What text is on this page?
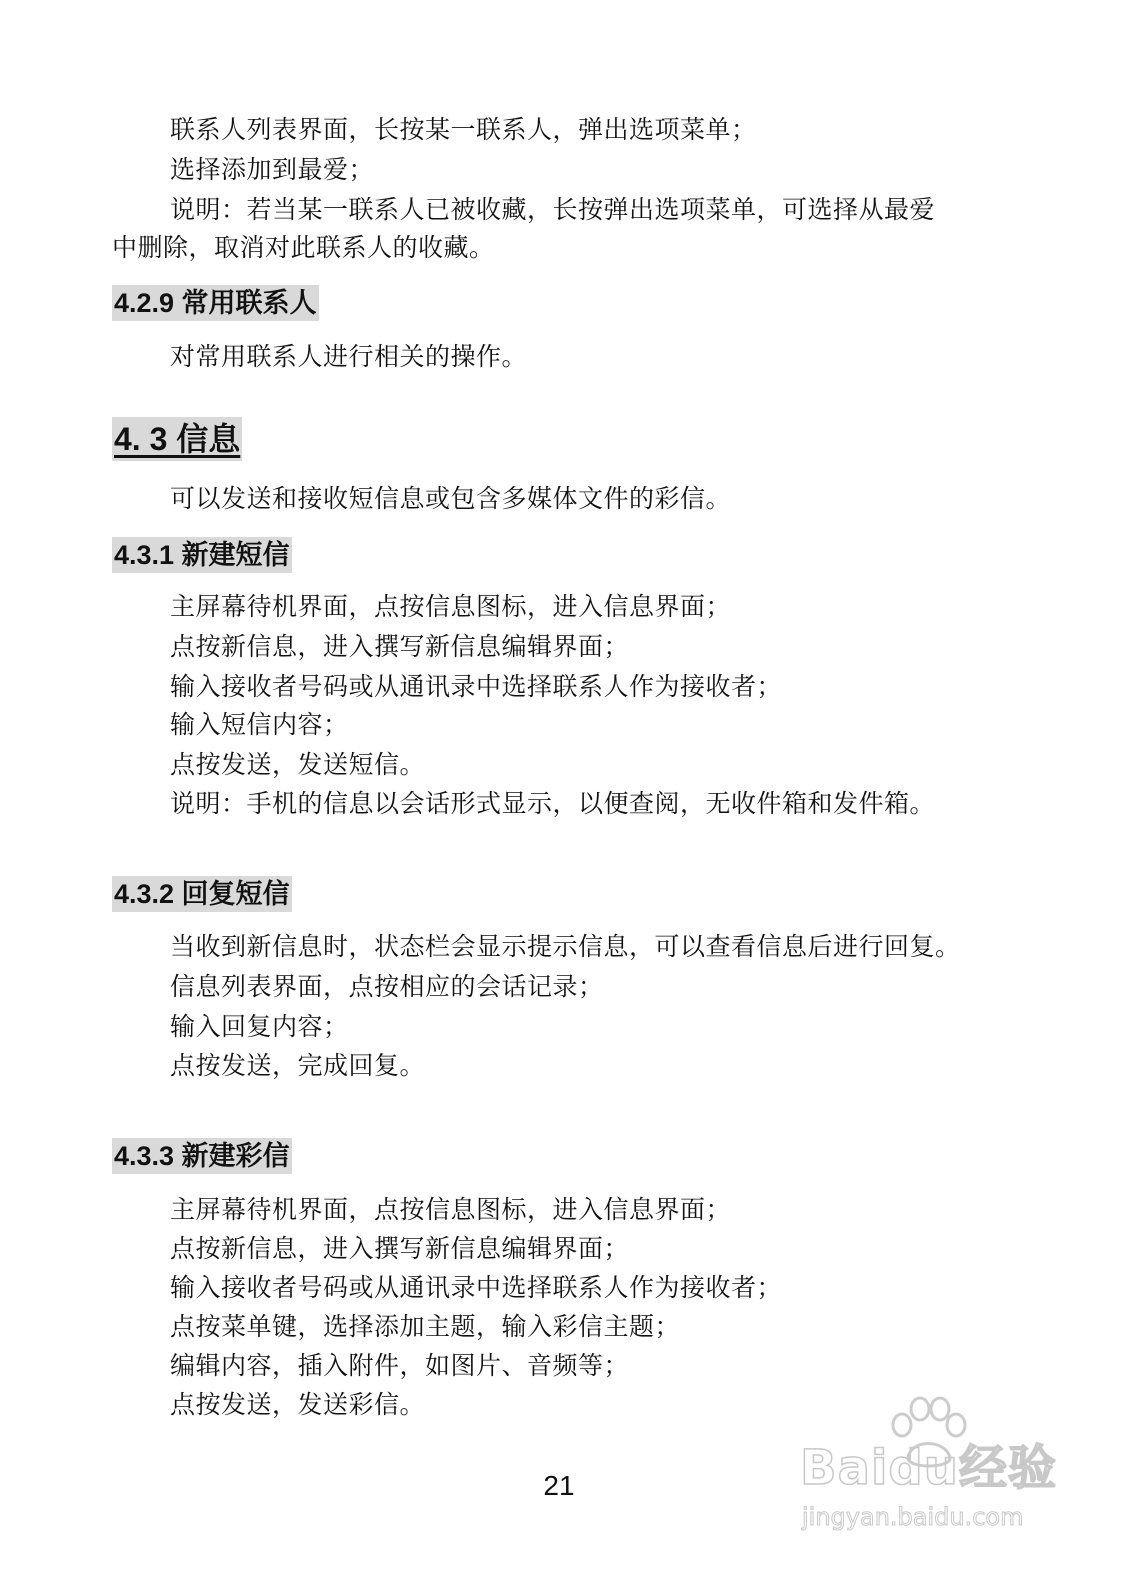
联系人列表界面，长按某一联系人，弹出选项菜单；
选择添加到最爱；
说明：若当某一联系人已被收藏，长按弹出选项菜单，可选择从最爱
中删除，取消对此联系人的收藏。
4.2.9 常用联系人
对常用联系人进行相关的操作。
4. 3 信息
可以发送和接收短信息或包含多媒体文件的彩信。
4.3.1 新建短信
主屏幕待机界面，点按信息图标，进入信息界面；
点按新信息，进入撰写新信息编辑界面；
输入接收者号码或从通讯录中选择联系人作为接收者；
输入短信内容；
点按发送，发送短信。
说明：手机的信息以会话形式显示，以便查阅，无收件箱和发件箱。
4.3.2 回复短信
当收到新信息时，状态栏会显示提示信息，可以查看信息后进行回复。
信息列表界面，点按相应的会话记录；
输入回复内容；
点按发送，完成回复。
4.3.3 新建彩信
主屏幕待机界面，点按信息图标，进入信息界面；
点按新信息，进入撰写新信息编辑界面；
输入接收者号码或从通讯录中选择联系人作为接收者；
点按菜单键，选择添加主题，输入彩信主题；
编辑内容，插入附件，如图片、音频等；
点按发送，发送彩信。
21	Baidu经验
jingyan.baidu.com
